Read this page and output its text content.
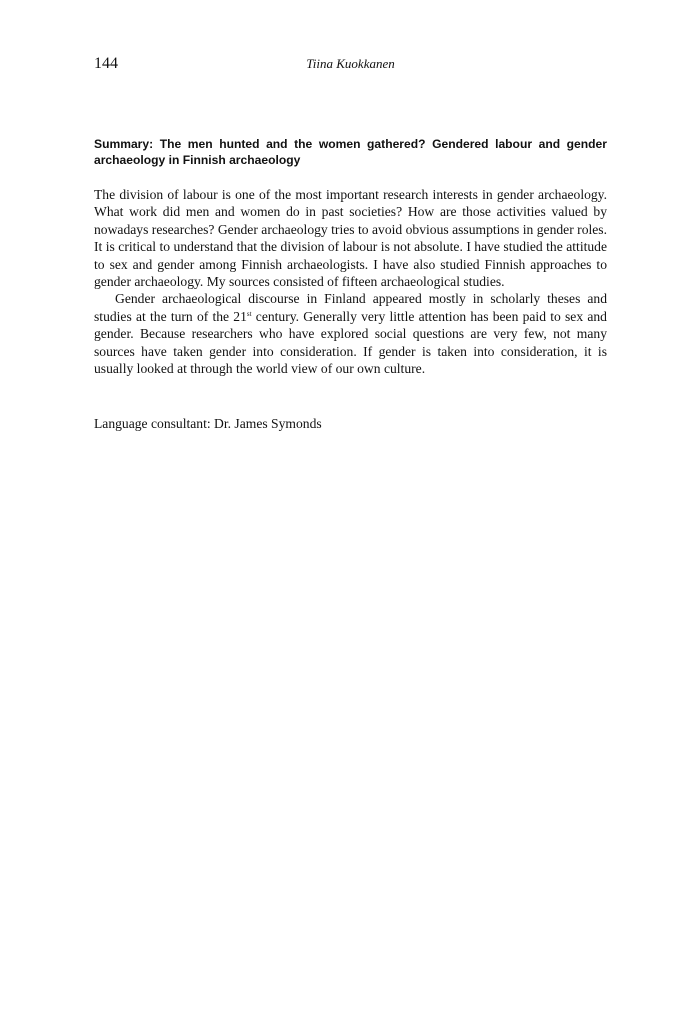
144	Tiina Kuokkanen
Summary: The men hunted and the women gathered? Gendered labour and gender archaeology in Finnish archaeology

The division of labour is one of the most important research interests in gender archaeology. What work did men and women do in past societies? How are those activities valued by nowadays researches? Gender archaeology tries to avoid obvious assumptions in gender roles. It is critical to understand that the division of labour is not absolute. I have studied the attitude to sex and gender among Finnish archaeologists. I have also studied Finnish approaches to gender archaeology. My sources consisted of fifteen archaeological studies.

Gender archaeological discourse in Finland appeared mostly in scholarly theses and studies at the turn of the 21st century. Generally very little attention has been paid to sex and gender. Because researchers who have explored social questions are very few, not many sources have taken gender into consideration. If gender is taken into consideration, it is usually looked at through the world view of our own culture.

Language consultant: Dr. James Symonds
